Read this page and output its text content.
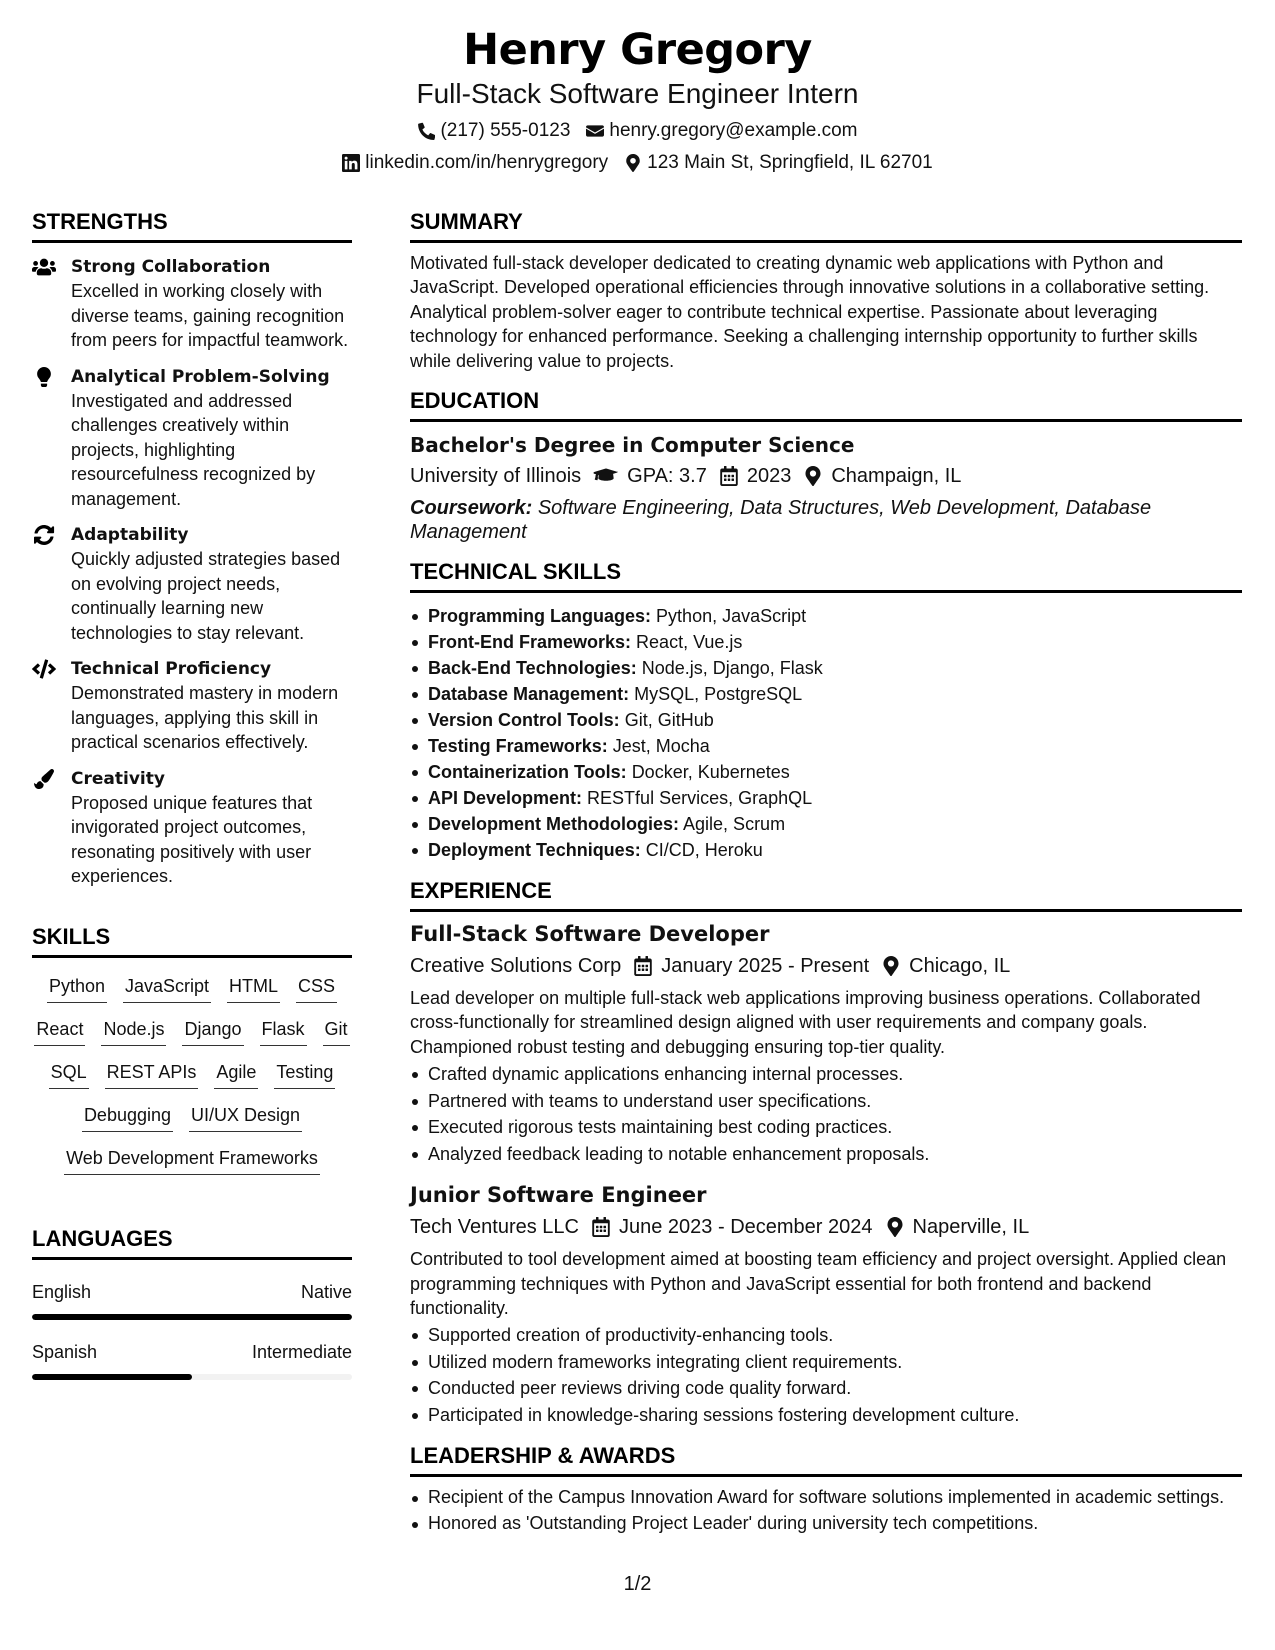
Henry Gregory
Full-Stack Software Engineer Intern
(217) 555-0123 henry.gregory@example.com
linkedin.com/in/henrygregory 123 Main St, Springfield, IL 62701
STRENGTHS
Strong Collaboration
Excelled in working closely with diverse teams, gaining recognition from peers for impactful teamwork.
Analytical Problem-Solving
Investigated and addressed challenges creatively within projects, highlighting resourcefulness recognized by management.
Adaptability
Quickly adjusted strategies based on evolving project needs, continually learning new technologies to stay relevant.
Technical Proficiency
Demonstrated mastery in modern languages, applying this skill in practical scenarios effectively.
Creativity
Proposed unique features that invigorated project outcomes, resonating positively with user experiences.
SKILLS
Python JavaScript HTML CSS
React Node.js Django Flask Git
SQL REST APIs Agile Testing
Debugging UI/UX Design
Web Development Frameworks
LANGUAGES
English	Native
Spanish	Intermediate
SUMMARY
Motivated full-stack developer dedicated to creating dynamic web applications with Python and JavaScript. Developed operational efficiencies through innovative solutions in a collaborative setting. Analytical problem-solver eager to contribute technical expertise. Passionate about leveraging technology for enhanced performance. Seeking a challenging internship opportunity to further skills while delivering value to projects.
EDUCATION
Bachelor's Degree in Computer Science
University of Illinois GPA: 3.7 2023 Champaign, IL
Coursework: Software Engineering, Data Structures, Web Development, Database Management
TECHNICAL SKILLS
Programming Languages: Python, JavaScript
Front-End Frameworks: React, Vue.js
Back-End Technologies: Node.js, Django, Flask
Database Management: MySQL, PostgreSQL
Version Control Tools: Git, GitHub
Testing Frameworks: Jest, Mocha
Containerization Tools: Docker, Kubernetes
API Development: RESTful Services, GraphQL
Development Methodologies: Agile, Scrum
Deployment Techniques: CI/CD, Heroku
EXPERIENCE
Full-Stack Software Developer
Creative Solutions Corp January 2025 - Present Chicago, IL
Lead developer on multiple full-stack web applications improving business operations. Collaborated cross-functionally for streamlined design aligned with user requirements and company goals. Championed robust testing and debugging ensuring top-tier quality.
Crafted dynamic applications enhancing internal processes.
Partnered with teams to understand user specifications.
Executed rigorous tests maintaining best coding practices.
Analyzed feedback leading to notable enhancement proposals.
Junior Software Engineer
Tech Ventures LLC June 2023 - December 2024 Naperville, IL
Contributed to tool development aimed at boosting team efficiency and project oversight. Applied clean programming techniques with Python and JavaScript essential for both frontend and backend functionality.
Supported creation of productivity-enhancing tools.
Utilized modern frameworks integrating client requirements.
Conducted peer reviews driving code quality forward.
Participated in knowledge-sharing sessions fostering development culture.
LEADERSHIP & AWARDS
Recipient of the Campus Innovation Award for software solutions implemented in academic settings.
Honored as 'Outstanding Project Leader' during university tech competitions.
1/2
